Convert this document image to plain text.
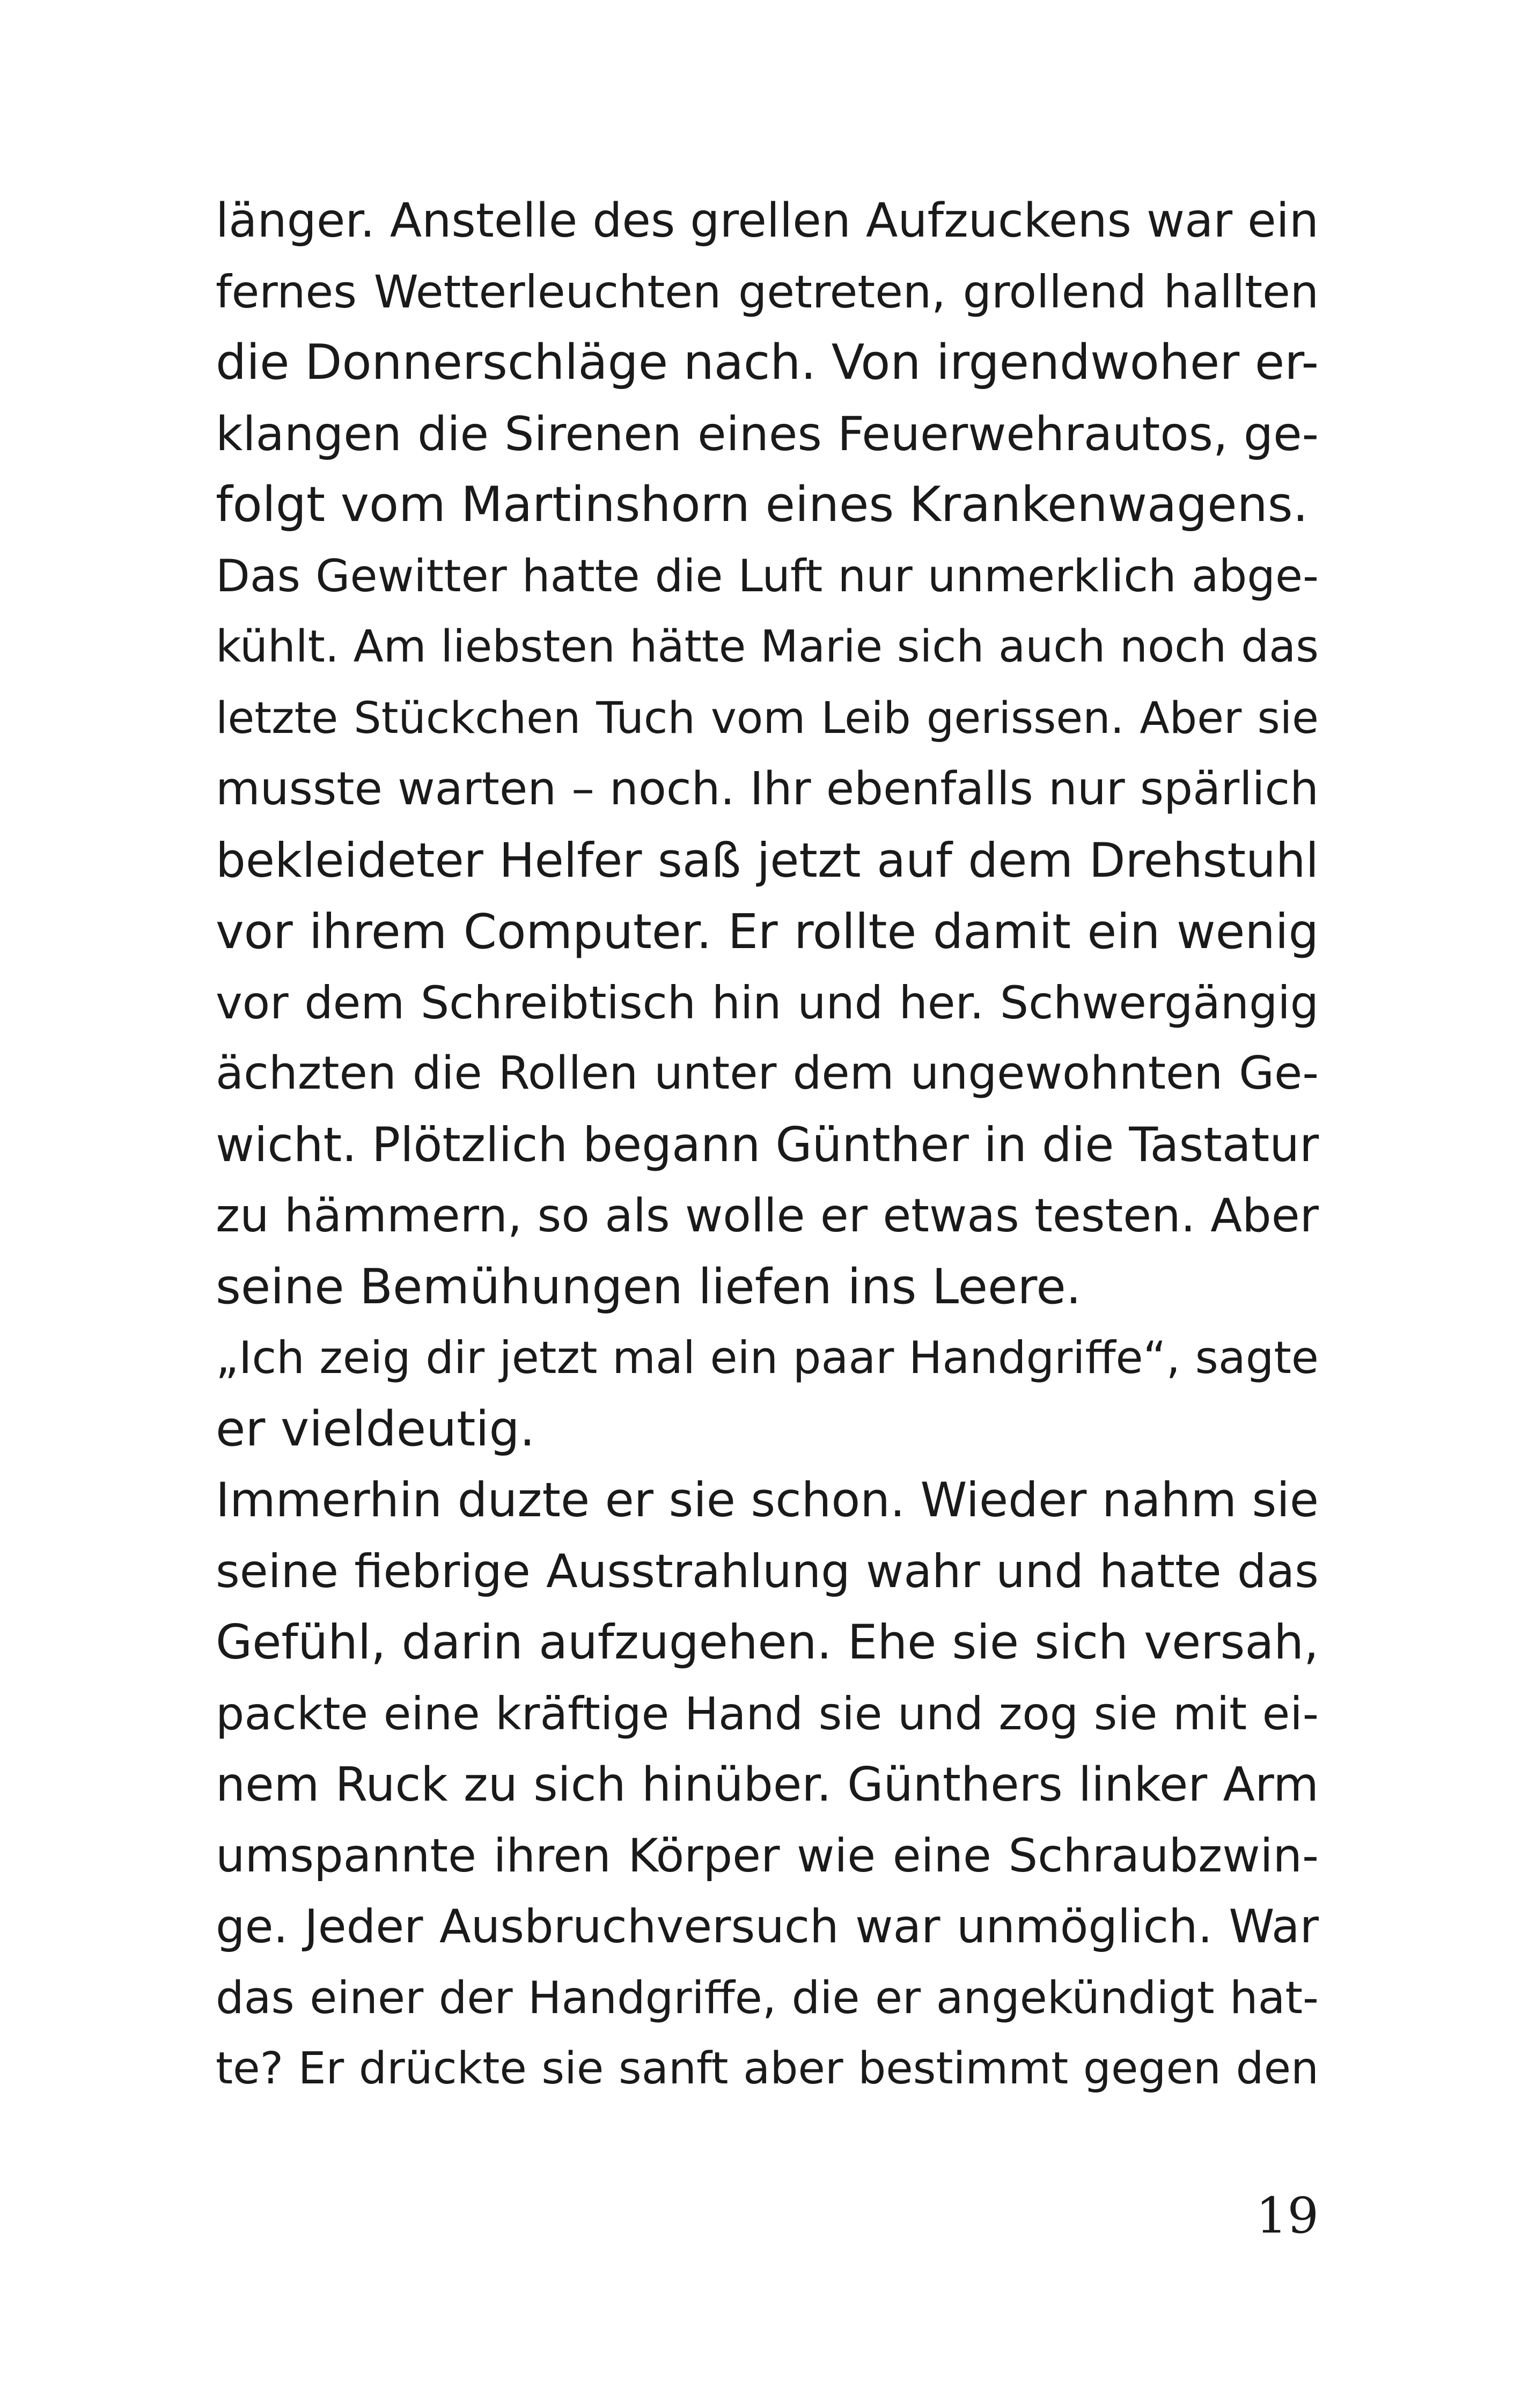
länger. Anstelle des grellen Aufzuckens war ein
fernes Wetterleuchten getreten, grollend hallten
die Donnerschläge nach. Von irgendwoher er-
klangen die Sirenen eines Feuerwehrautos, ge-
folgt vom Martinshorn eines Krankenwagens.
Das Gewitter hatte die Luft nur unmerklich abge-
kühlt. Am liebsten hätte Marie sich auch noch das
letzte Stückchen Tuch vom Leib gerissen. Aber sie
musste warten – noch. Ihr ebenfalls nur spärlich
bekleideter Helfer saß jetzt auf dem Drehstuhl
vor ihrem Computer. Er rollte damit ein wenig
vor dem Schreibtisch hin und her. Schwergängig
ächzten die Rollen unter dem ungewohnten Ge-
wicht. Plötzlich begann Günther in die Tastatur
zu hämmern, so als wolle er etwas testen. Aber
seine Bemühungen liefen ins Leere.
„Ich zeig dir jetzt mal ein paar Handgriffe“, sagte
er vieldeutig.
Immerhin duzte er sie schon. Wieder nahm sie
seine fiebrige Ausstrahlung wahr und hatte das
Gefühl, darin aufzugehen. Ehe sie sich versah,
packte eine kräftige Hand sie und zog sie mit ei-
nem Ruck zu sich hinüber. Günthers linker Arm
umspannte ihren Körper wie eine Schraubzwin-
ge. Jeder Ausbruchversuch war unmöglich. War
das einer der Handgriffe, die er angekündigt hat-
te? Er drückte sie sanft aber bestimmt gegen den
19
